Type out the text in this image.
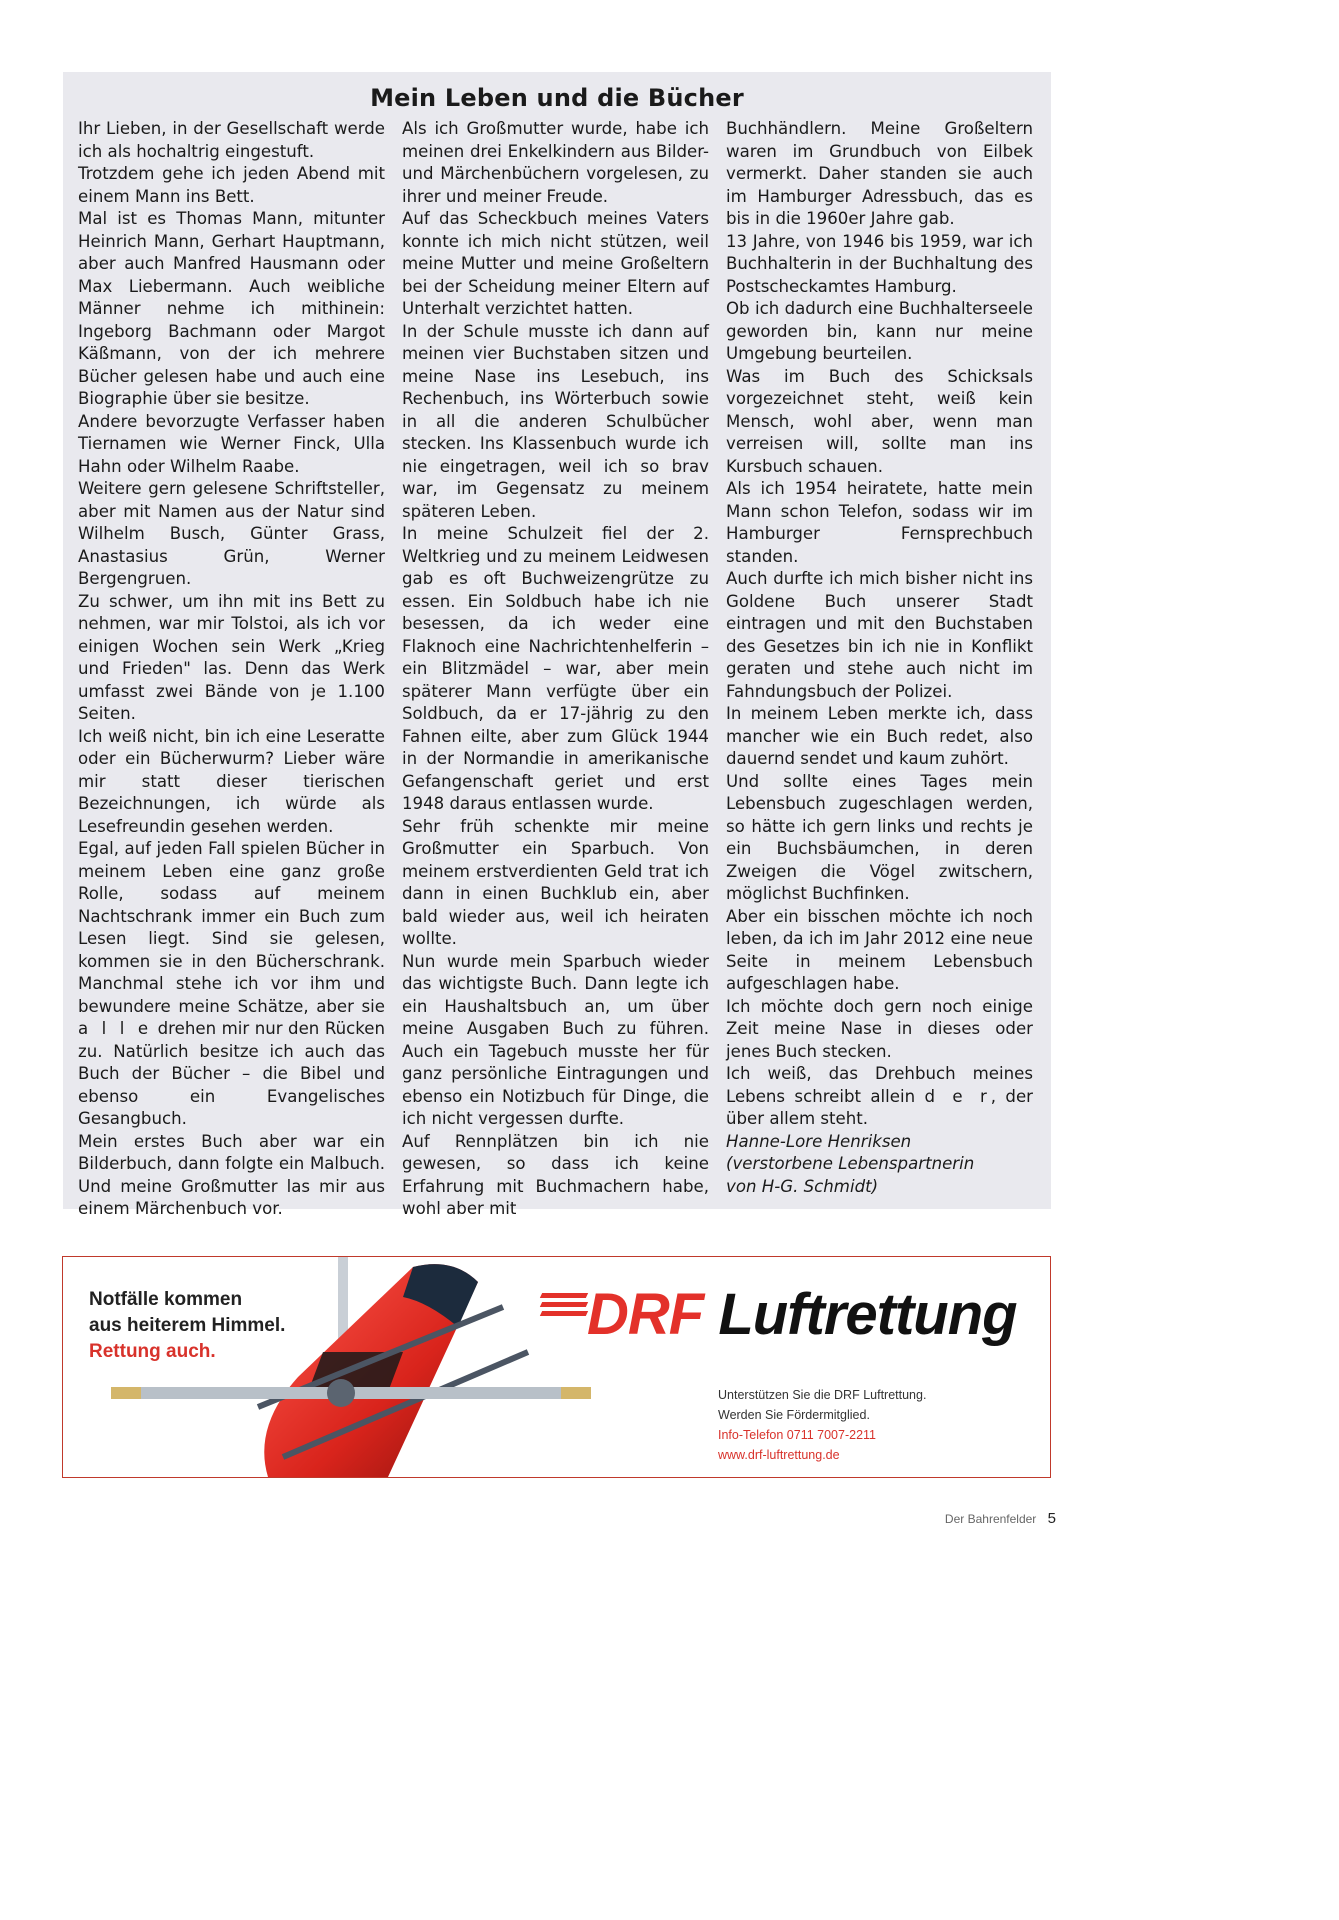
Mein Leben und die Bücher

Ihr Lieben, in der Gesellschaft werde ich als hochaltrig eingestuft.

Trotzdem gehe ich jeden Abend mit einem Mann ins Bett.

Mal ist es Thomas Mann, mitunter Heinrich Mann, Gerhart Hauptmann, aber auch Manfred Hausmann oder Max Liebermann. Auch weibliche Männer nehme ich mithinein: Ingeborg Bachmann oder Margot Käßmann, von der ich mehrere Bücher gelesen habe und auch eine Biographie über sie besitze.

Andere bevorzugte Verfasser haben Tiernamen wie Werner Finck, Ulla Hahn oder Wilhelm Raabe.

Weitere gern gelesene Schriftsteller, aber mit Namen aus der Natur sind Wilhelm Busch, Günter Grass, Anastasius Grün, Werner Bergengruen.

Zu schwer, um ihn mit ins Bett zu nehmen, war mir Tolstoi, als ich vor einigen Wochen sein Werk „Krieg und Frieden" las. Denn das Werk umfasst zwei Bände von je 1.100 Seiten.

Ich weiß nicht, bin ich eine Leseratte oder ein Bücherwurm? Lieber wäre mir statt dieser tierischen Bezeichnungen, ich würde als Lesefreundin gesehen werden.

Egal, auf jeden Fall spielen Bücher in meinem Leben eine ganz große Rolle, sodass auf meinem Nachtschrank immer ein Buch zum Lesen liegt. Sind sie gelesen, kommen sie in den Bücherschrank. Manchmal stehe ich vor ihm und bewundere meine Schätze, aber sie a l l e drehen mir nur den Rücken zu. Natürlich besitze ich auch das Buch der Bücher – die Bibel und ebenso ein Evangelisches Gesangbuch.

Mein erstes Buch aber war ein Bilderbuch, dann folgte ein Malbuch. Und meine Großmutter las mir aus einem Märchenbuch vor.

Als ich Großmutter wurde, habe ich meinen drei Enkelkindern aus Bilder- und Märchenbüchern vorgelesen, zu ihrer und meiner Freude.

Auf das Scheckbuch meines Vaters konnte ich mich nicht stützen, weil meine Mutter und meine Großeltern bei der Scheidung meiner Eltern auf Unterhalt verzichtet hatten.

In der Schule musste ich dann auf meinen vier Buchstaben sitzen und meine Nase ins Lesebuch, ins Rechenbuch, ins Wörterbuch sowie in all die anderen Schulbücher stecken. Ins Klassenbuch wurde ich nie eingetragen, weil ich so brav war, im Gegensatz zu meinem späteren Leben.

In meine Schulzeit fiel der 2. Weltkrieg und zu meinem Leidwesen gab es oft Buchweizengrütze zu essen. Ein Soldbuch habe ich nie besessen, da ich weder eine Flaknoch eine Nachrichtenhelferin – ein Blitzmädel – war, aber mein späterer Mann verfügte über ein Soldbuch, da er 17-jährig zu den Fahnen eilte, aber zum Glück 1944 in der Normandie in amerikanische Gefangenschaft geriet und erst 1948 daraus entlassen wurde.

Sehr früh schenkte mir meine Großmutter ein Sparbuch. Von meinem erstverdienten Geld trat ich dann in einen Buchklub ein, aber bald wieder aus, weil ich heiraten wollte.

Nun wurde mein Sparbuch wieder das wichtigste Buch. Dann legte ich ein Haushaltsbuch an, um über meine Ausgaben Buch zu führen. Auch ein Tagebuch musste her für ganz persönliche Eintragungen und ebenso ein Notizbuch für Dinge, die ich nicht vergessen durfte.

Auf Rennplätzen bin ich nie gewesen, so dass ich keine Erfahrung mit Buchmachern habe, wohl aber mit

Buchhändlern. Meine Großeltern waren im Grundbuch von Eilbek vermerkt. Daher standen sie auch im Hamburger Adressbuch, das es bis in die 1960er Jahre gab.

13 Jahre, von 1946 bis 1959, war ich Buchhalterin in der Buchhaltung des Postscheckamtes Hamburg.

Ob ich dadurch eine Buchhalterseele geworden bin, kann nur meine Umgebung beurteilen.

Was im Buch des Schicksals vorgezeichnet steht, weiß kein Mensch, wohl aber, wenn man verreisen will, sollte man ins Kursbuch schauen.

Als ich 1954 heiratete, hatte mein Mann schon Telefon, sodass wir im Hamburger Fernsprechbuch standen.

Auch durfte ich mich bisher nicht ins Goldene Buch unserer Stadt eintragen und mit den Buchstaben des Gesetzes bin ich nie in Konflikt geraten und stehe auch nicht im Fahndungsbuch der Polizei.

In meinem Leben merkte ich, dass mancher wie ein Buch redet, also dauernd sendet und kaum zuhört.

Und sollte eines Tages mein Lebensbuch zugeschlagen werden, so hätte ich gern links und rechts je ein Buchsbäumchen, in deren Zweigen die Vögel zwitschern, möglichst Buchfinken.

Aber ein bisschen möchte ich noch leben, da ich im Jahr 2012 eine neue Seite in meinem Lebensbuch aufgeschlagen habe.

Ich möchte doch gern noch einige Zeit meine Nase in dieses oder jenes Buch stecken.

Ich weiß, das Drehbuch meines Lebens schreibt allein d e r, der über allem steht.

Hanne-Lore Henriksen

(verstorbene Lebenspartnerin

von H-G. Schmidt)

Notfälle kommen
aus heiterem Himmel.
Rettung auch.
DRF Luftrettung
Unterstützen Sie die DRF Luftrettung.
Werden Sie Fördermitglied.
Info-Telefon 0711 7007-2211
www.drf-luftrettung.de
Der Bahrenfelder 5
